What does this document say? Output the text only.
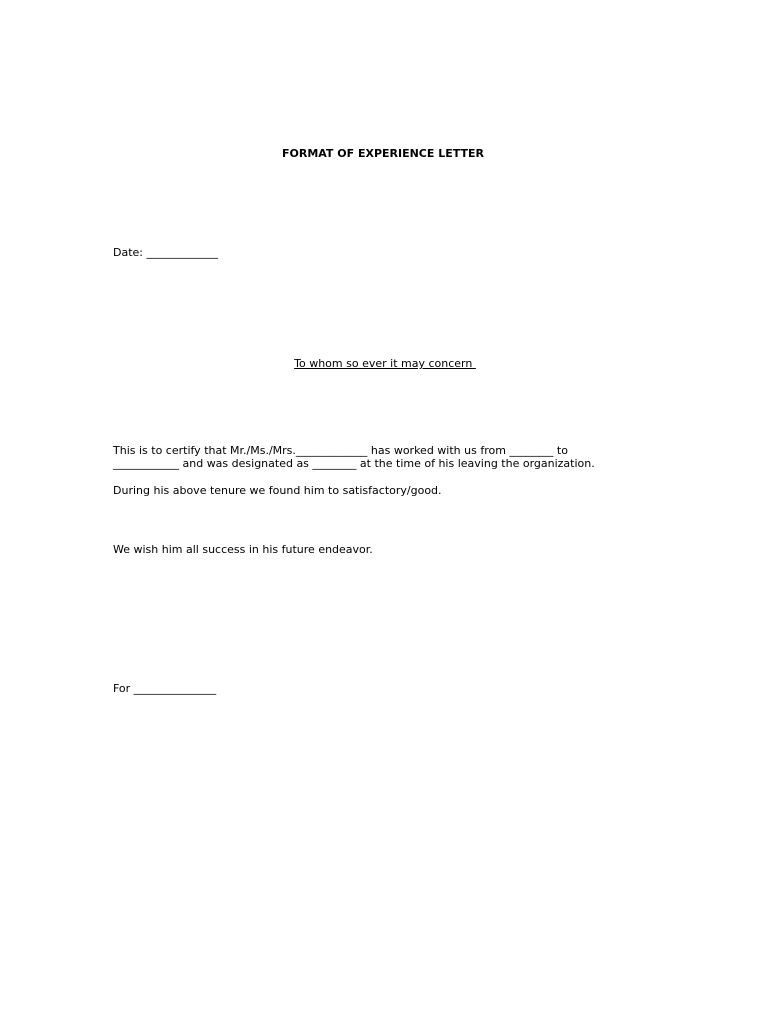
FORMAT OF EXPERIENCE LETTER
Date: _____________
To whom so ever it may concern
This is to certify that Mr./Ms./Mrs._____________ has worked with us from ________ to
____________ and was designated as ________ at the time of his leaving the organization.
During his above tenure we found him to satisfactory/good.
We wish him all success in his future endeavor.
For _______________
